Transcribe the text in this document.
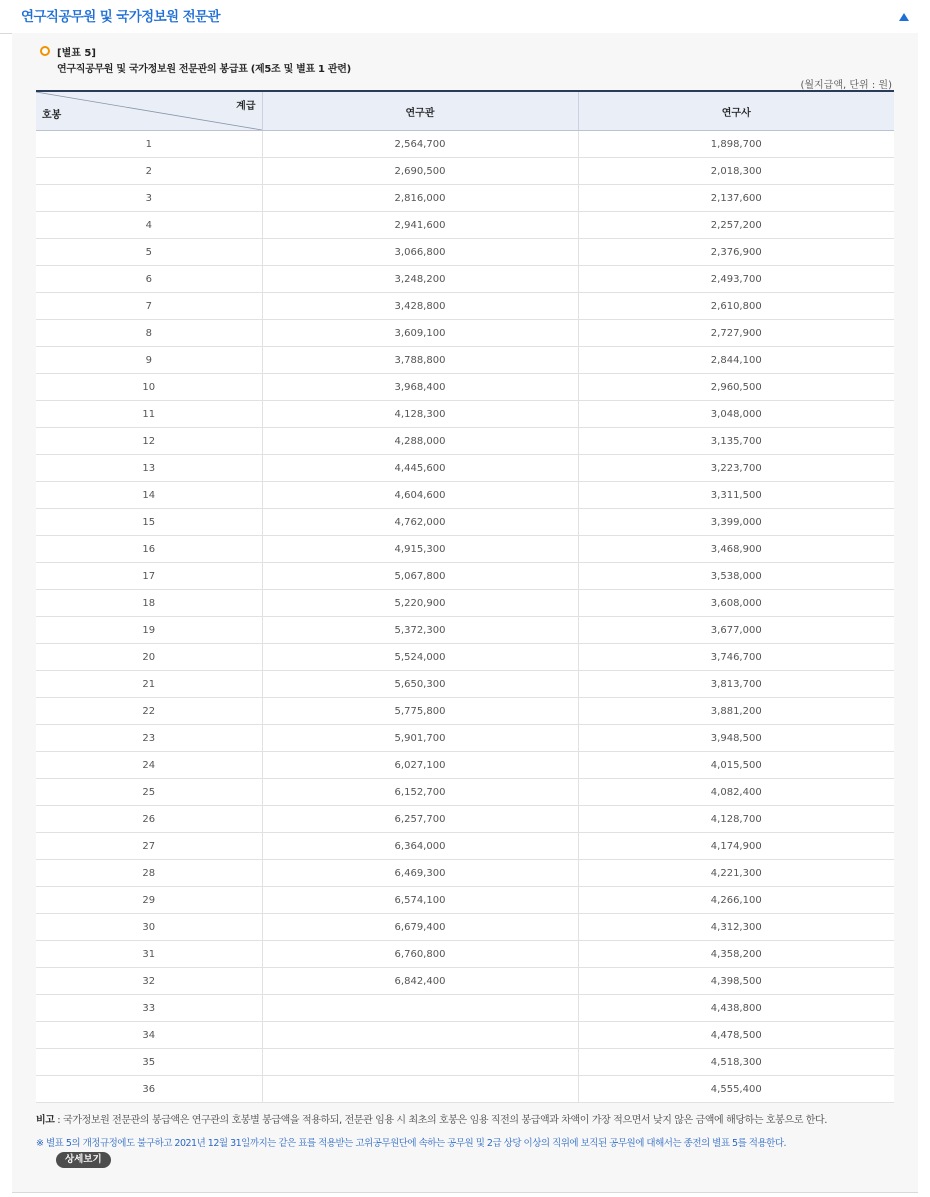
연구직공무원 및 국가정보원 전문관
[별표 5]
연구직공무원 및 국가정보원 전문관의 봉급표 (제5조 및 별표 1 관련)
(월지급액, 단위 : 원)
계급
호봉	연구관	연구사
1	2,564,700	1,898,700
2	2,690,500	2,018,300
3	2,816,000	2,137,600
4	2,941,600	2,257,200
5	3,066,800	2,376,900
6	3,248,200	2,493,700
7	3,428,800	2,610,800
8	3,609,100	2,727,900
9	3,788,800	2,844,100
10	3,968,400	2,960,500
11	4,128,300	3,048,000
12	4,288,000	3,135,700
13	4,445,600	3,223,700
14	4,604,600	3,311,500
15	4,762,000	3,399,000
16	4,915,300	3,468,900
17	5,067,800	3,538,000
18	5,220,900	3,608,000
19	5,372,300	3,677,000
20	5,524,000	3,746,700
21	5,650,300	3,813,700
22	5,775,800	3,881,200
23	5,901,700	3,948,500
24	6,027,100	4,015,500
25	6,152,700	4,082,400
26	6,257,700	4,128,700
27	6,364,000	4,174,900
28	6,469,300	4,221,300
29	6,574,100	4,266,100
30	6,679,400	4,312,300
31	6,760,800	4,358,200
32	6,842,400	4,398,500
33		4,438,800
34		4,478,500
35		4,518,300
36		4,555,400
비고 : 국가정보원 전문관의 봉급액은 연구관의 호봉별 봉급액을 적용하되, 전문관 임용 시 최초의 호봉은 임용 직전의 봉급액과 차액이 가장 적으면서 낮지 않은 금액에 해당하는 호봉으로 한다.
※ 별표 5의 개정규정에도 불구하고 2021년 12월 31일까지는 같은 표를 적용받는 고위공무원단에 속하는 공무원 및 2급 상당 이상의 직위에 보직된 공무원에 대해서는 종전의 별표 5를 적용한다.
상세보기
